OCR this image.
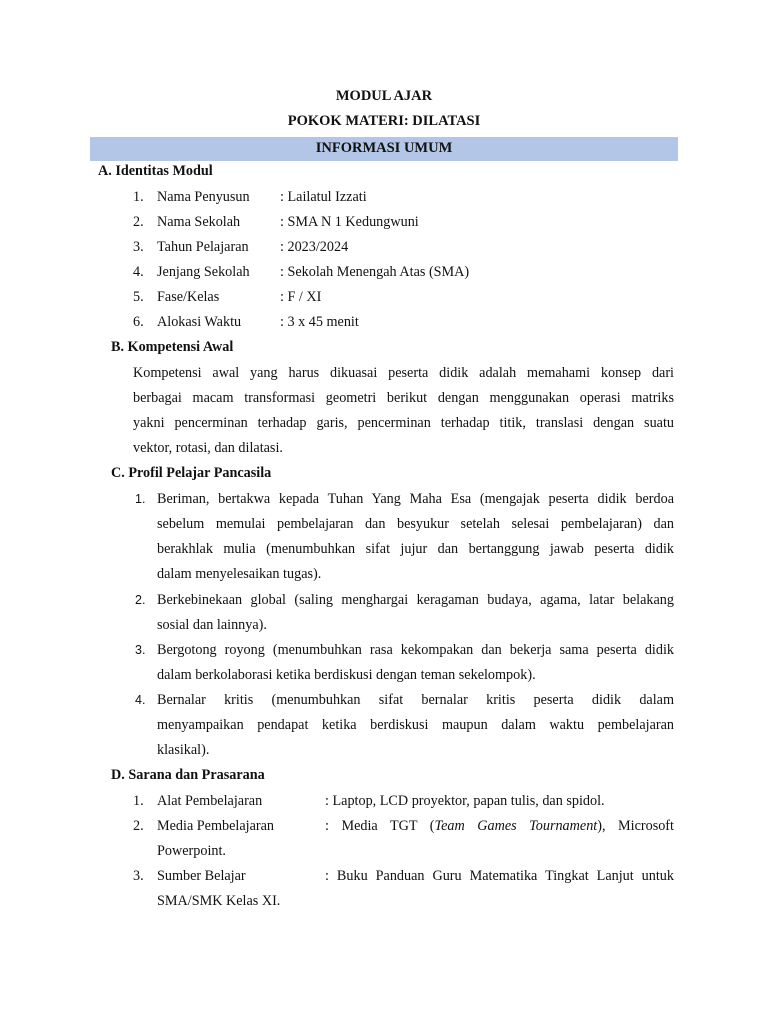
MODUL AJAR
POKOK MATERI: DILATASI
INFORMASI UMUM
A. Identitas Modul
1. Nama Penyusun : Lailatul Izzati
2. Nama Sekolah	: SMA N 1 Kedungwuni
3. Tahun Pelajaran : 2023/2024
4. Jenjang Sekolah : Sekolah Menengah Atas (SMA)
5. Fase/Kelas	: F / XI
6. Alokasi Waktu	: 3 x 45 menit
B. Kompetensi Awal
Kompetensi awal yang harus dikuasai peserta didik adalah memahami konsep dari
berbagai macam transformasi geometri berikut dengan menggunakan operasi matriks
yakni pencerminan terhadap garis, pencerminan terhadap titik, translasi dengan suatu
vektor, rotasi, dan dilatasi.
C. Profil Pelajar Pancasila
1. Beriman, bertakwa kepada Tuhan Yang Maha Esa (mengajak peserta didik berdoa
sebelum memulai pembelajaran dan besyukur setelah selesai pembelajaran) dan
berakhlak mulia (menumbuhkan sifat jujur dan bertanggung jawab peserta didik
dalam menyelesaikan tugas).
2. Berkebinekaan global (saling menghargai keragaman budaya, agama, latar belakang
sosial dan lainnya).
3. Bergotong royong (menumbuhkan rasa kekompakan dan bekerja sama peserta didik
dalam berkolaborasi ketika berdiskusi dengan teman sekelompok).
4. Bernalar kritis (menumbuhkan sifat bernalar kritis peserta didik dalam
menyampaikan pendapat ketika berdiskusi maupun dalam waktu pembelajaran
klasikal).
D. Sarana dan Prasarana
1. Alat Pembelajaran	: Laptop, LCD proyektor, papan tulis, dan spidol.
2. Media Pembelajaran	: Media TGT (Team Games Tournament), Microsoft
Powerpoint.
3. Sumber Belajar	: Buku Panduan Guru Matematika Tingkat Lanjut untuk
SMA/SMK Kelas XI.
